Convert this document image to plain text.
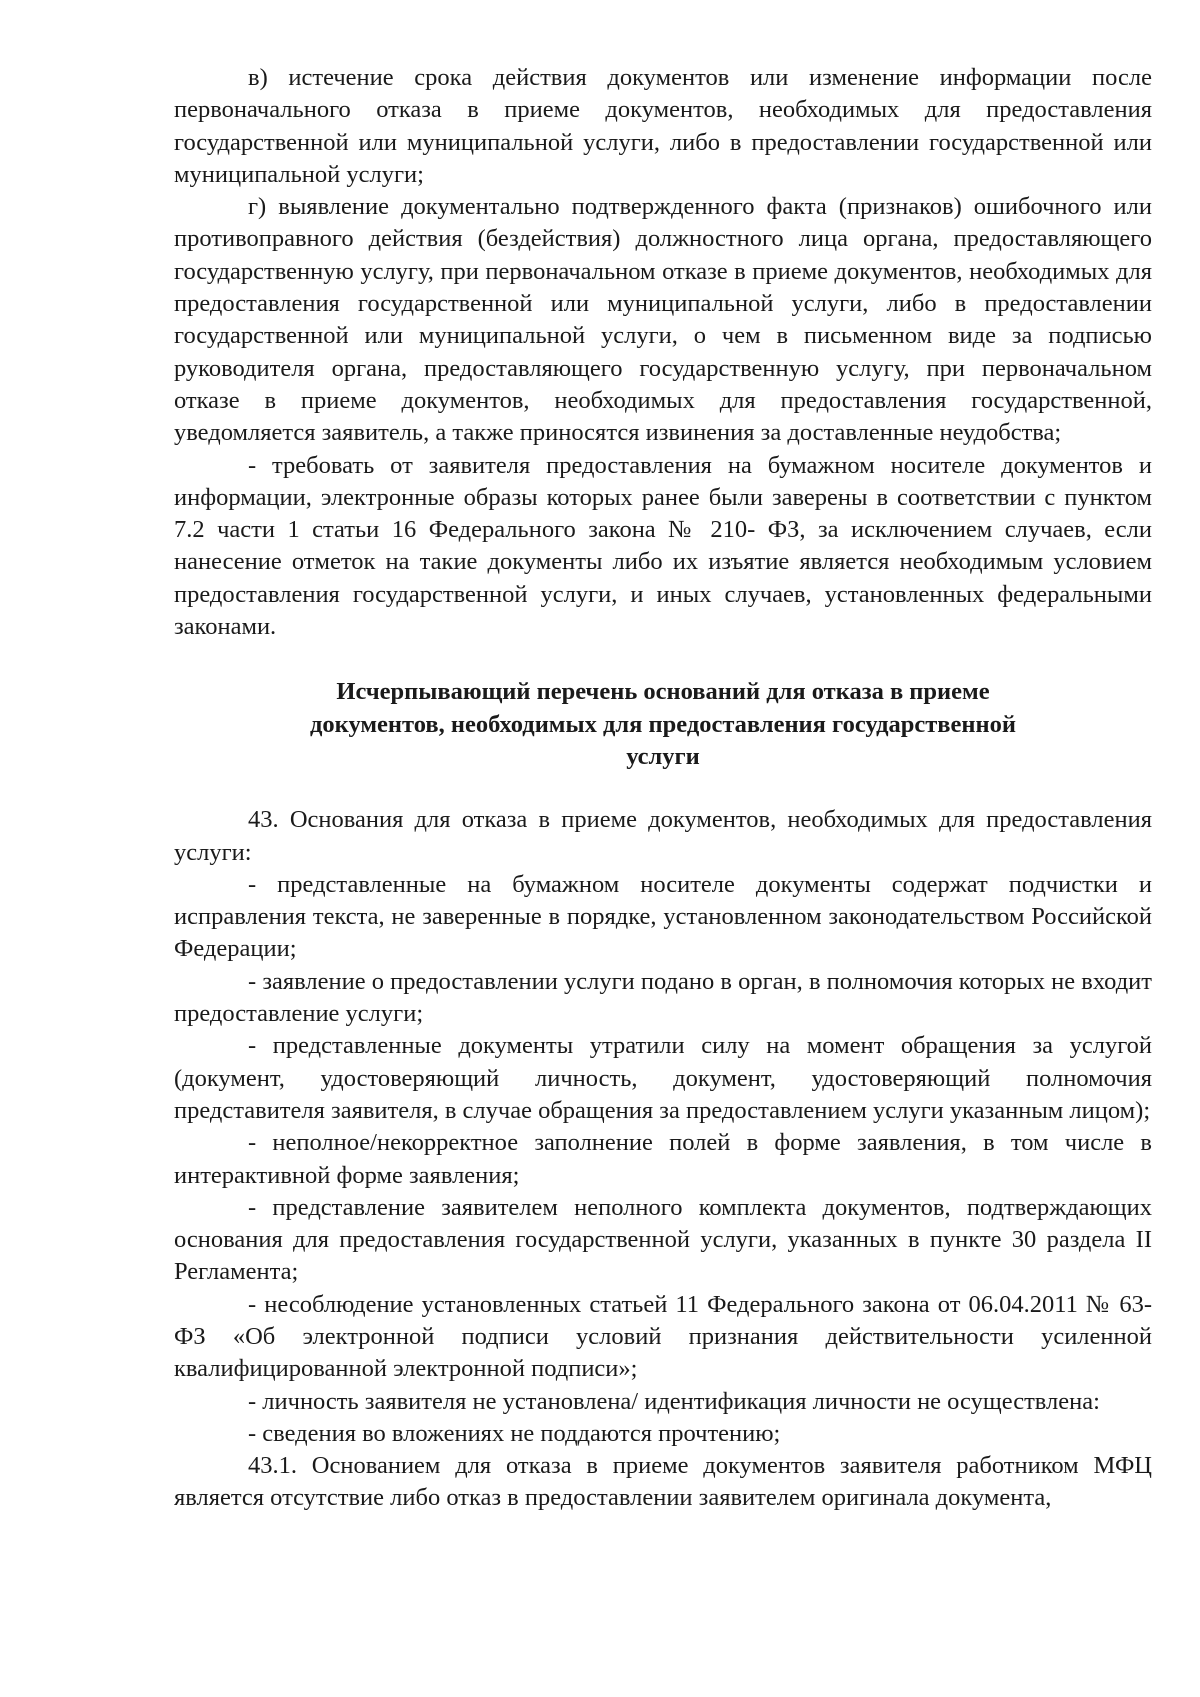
в) истечение срока действия документов или изменение информации после первоначального отказа в приеме документов, необходимых для предоставления государственной или муниципальной услуги, либо в предоставлении государственной или муниципальной услуги;

г) выявление документально подтвержденного факта (признаков) ошибочного или противоправного действия (бездействия) должностного лица органа, предоставляющего государственную услугу, при первоначальном отказе в приеме документов, необходимых для предоставления государственной или муниципальной услуги, либо в предоставлении государственной или муниципальной услуги, о чем в письменном виде за подписью руководителя органа, предоставляющего государственную услугу, при первоначальном отказе в приеме документов, необходимых для предоставления государственной, уведомляется заявитель, а также приносятся извинения за доставленные неудобства;

- требовать от заявителя предоставления на бумажном носителе документов и информации, электронные образы которых ранее были заверены в соответствии с пунктом 7.2 части 1 статьи 16 Федерального закона № 210- ФЗ, за исключением случаев, если нанесение отметок на такие документы либо их изъятие является необходимым условием предоставления государственной услуги, и иных случаев, установленных федеральными законами.

Исчерпывающий перечень оснований для отказа в приеме
документов, необходимых для предоставления государственной
услуги

43. Основания для отказа в приеме документов, необходимых для предоставления услуги:

- представленные на бумажном носителе документы содержат подчистки и исправления текста, не заверенные в порядке, установленном законодательством Российской Федерации;

- заявление о предоставлении услуги подано в орган, в полномочия которых не входит предоставление услуги;

- представленные документы утратили силу на момент обращения за услугой (документ, удостоверяющий личность, документ, удостоверяющий полномочия представителя заявителя, в случае обращения за предоставлением услуги указанным лицом);

- неполное/некорректное заполнение полей в форме заявления, в том числе в интерактивной форме заявления;

- представление заявителем неполного комплекта документов, подтверждающих основания для предоставления государственной услуги, указанных в пункте 30 раздела II Регламента;

- несоблюдение установленных статьей 11 Федерального закона от 06.04.2011 № 63-ФЗ «Об электронной подписи условий признания действительности усиленной квалифицированной электронной подписи»;

- личность заявителя не установлена/ идентификация личности не осуществлена:

- сведения во вложениях не поддаются прочтению;

43.1. Основанием для отказа в приеме документов заявителя работником МФЦ является отсутствие либо отказ в предоставлении заявителем оригинала документа,
